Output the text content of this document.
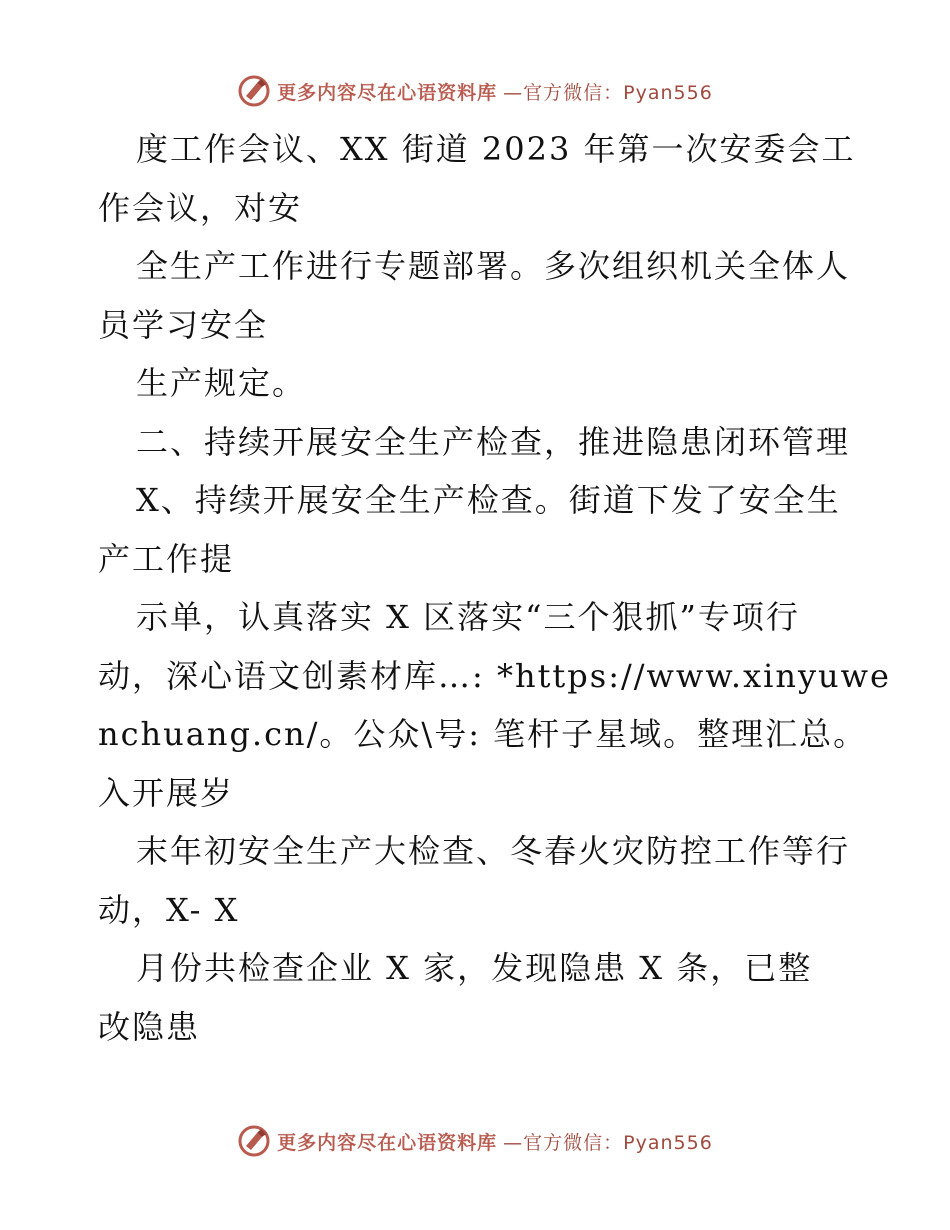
更多内容尽在心语资料库 —官方微信：Pyan556
度工作会议、XX 街道 2023 年第一次安委会工
作会议，对安
全生产工作进行专题部署。多次组织机关全体人
员学习安全
生产规定。
二、持续开展安全生产检查，推进隐患闭环管理
X、持续开展安全生产检查。街道下发了安全生
产工作提
示单，认真落实 X 区落实“三个狠抓”专项行
动，深心语文创素材库…: *https://www.xinyuwe
nchuang.cn/。公众\号: 笔杆子星域。整理汇总。
入开展岁
末年初安全生产大检查、冬春火灾防控工作等行
动，X- X
月份共检查企业 X 家，发现隐患 X 条，已整
改隐患
更多内容尽在心语资料库 —官方微信：Pyan556
